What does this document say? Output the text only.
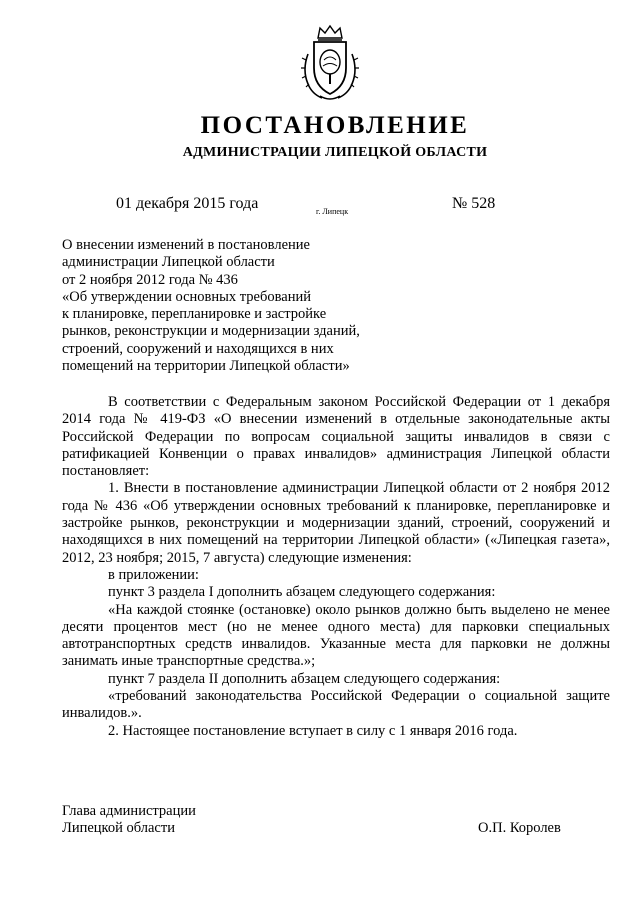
ПОСТАНОВЛЕНИЕ
АДМИНИСТРАЦИИ ЛИПЕЦКОЙ ОБЛАСТИ
01 декабря 2015 года	г. Липецк	№ 528
О внесении изменений в постановление
администрации Липецкой области
от 2 ноября 2012 года № 436
«Об утверждении основных требований
к планировке, перепланировке и застройке
рынков, реконструкции и модернизации зданий,
строений, сооружений и находящихся в них
помещений на территории Липецкой области»
В соответствии с Федеральным законом Российской Федерации от 1 декабря 2014 года № 419-ФЗ «О внесении изменений в отдельные законодательные акты Российской Федерации по вопросам социальной защиты инвалидов в связи с ратификацией Конвенции о правах инвалидов» администрация Липецкой области постановляет:
1. Внести в постановление администрации Липецкой области от 2 ноября 2012 года № 436 «Об утверждении основных требований к планировке, перепланировке и застройке рынков, реконструкции и модернизации зданий, строений, сооружений и находящихся в них помещений на территории Липецкой области» («Липецкая газета», 2012, 23 ноября; 2015, 7 августа) следующие изменения:
в приложении:
пункт 3 раздела I дополнить абзацем следующего содержания:
«На каждой стоянке (остановке) около рынков должно быть выделено не менее десяти процентов мест (но не менее одного места) для парковки специальных автотранспортных средств инвалидов. Указанные места для парковки не должны занимать иные транспортные средства.»;
пункт 7 раздела II дополнить абзацем следующего содержания:
«требований законодательства Российской Федерации о социальной защите инвалидов.».
2. Настоящее постановление вступает в силу с 1 января 2016 года.
Глава администрации
Липецкой области	О.П. Королев
